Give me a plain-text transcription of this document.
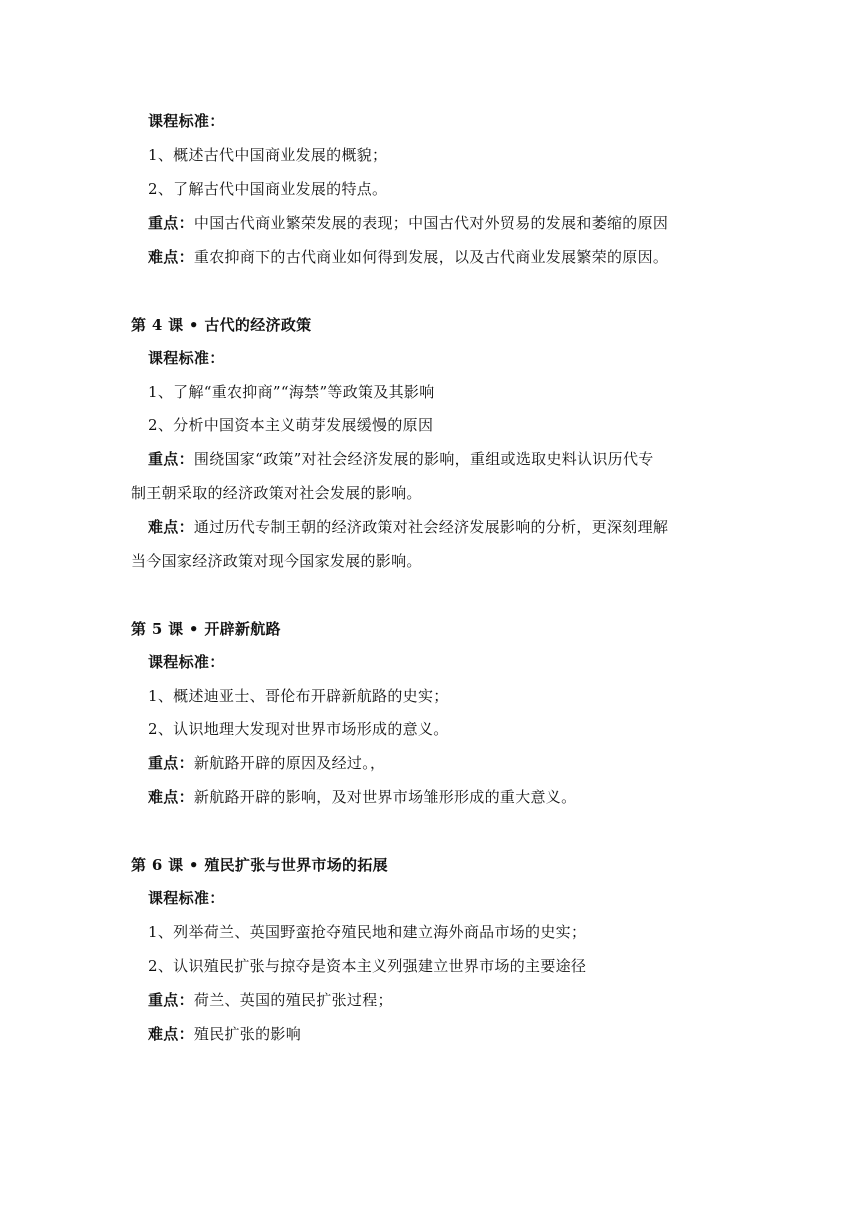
课程标准：
1、概述古代中国商业发展的概貌；
2、了解古代中国商业发展的特点。
重点：中国古代商业繁荣发展的表现；中国古代对外贸易的发展和萎缩的原因
难点：重农抑商下的古代商业如何得到发展，以及古代商业发展繁荣的原因。
第 4 课 • 古代的经济政策
课程标准：
1、了解“重农抑商”“海禁”等政策及其影响
2、分析中国资本主义萌芽发展缓慢的原因
重点：围绕国家“政策”对社会经济发展的影响，重组或选取史料认识历代专
制王朝采取的经济政策对社会发展的影响。
难点：通过历代专制王朝的经济政策对社会经济发展影响的分析，更深刻理解
当今国家经济政策对现今国家发展的影响。
第 5 课 • 开辟新航路
课程标准：
1、概述迪亚士、哥伦布开辟新航路的史实；
2、认识地理大发现对世界市场形成的意义。
重点：新航路开辟的原因及经过。，
难点：新航路开辟的影响，及对世界市场雏形形成的重大意义。
第 6 课 • 殖民扩张与世界市场的拓展
课程标准：
1、列举荷兰、英国野蛮抢夺殖民地和建立海外商品市场的史实；
2、认识殖民扩张与掠夺是资本主义列强建立世界市场的主要途径
重点：荷兰、英国的殖民扩张过程；
难点：殖民扩张的影响
